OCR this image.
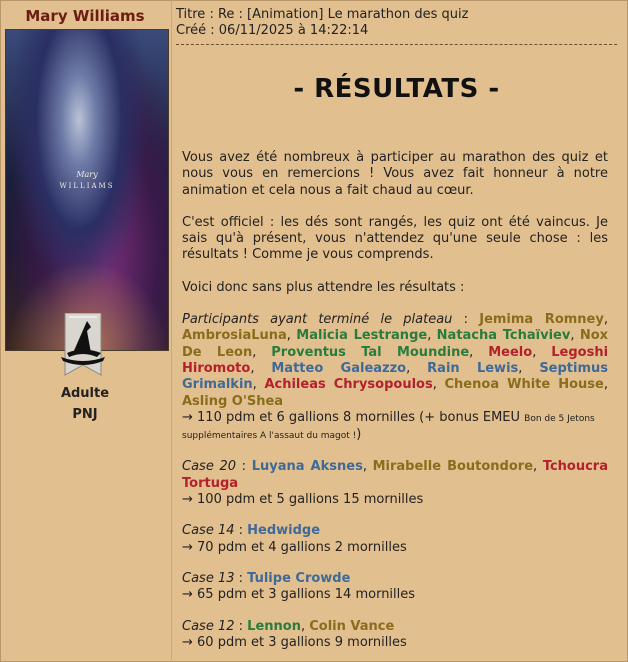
Mary Williams
Mary
WILLIAMS
Adulte
PNJ
Titre : Re : [Animation] Le marathon des quiz
Créé : 06/11/2025 à 14:22:14
- RÉSULTATS -

Vous avez été nombreux à participer au marathon des quiz et nous vous en remercions ! Vous avez fait honneur à notre animation et cela nous a fait chaud au cœur.

C'est officiel : les dés sont rangés, les quiz ont été vaincus. Je sais qu'à présent, vous n'attendez qu'une seule chose : les résultats ! Comme je vous comprends.

Voici donc sans plus attendre les résultats :

Participants ayant terminé le plateau : Jemima Romney, AmbrosiaLuna, Malicia Lestrange, Natacha Tchaïviev, Nox De Leon, Proventus Tal Moundine, Meelo, Legoshi Hiromoto, Matteo Galeazzo, Rain Lewis, Septimus Grimalkin, Achileas Chrysopoulos, Chenoa White House, Asling O'Shea

→ 110 pdm et 6 gallions 8 mornilles (+ bonus EMEU Bon de 5 Jetons supplémentaires A l'assaut du magot !)

Case 20 : Luyana Aksnes, Mirabelle Boutondore, Tchoucra Tortuga

→ 100 pdm et 5 gallions 15 mornilles

Case 14 : Hedwidge

→ 70 pdm et 4 gallions 2 mornilles

Case 13 : Tulipe Crowde

→ 65 pdm et 3 gallions 14 mornilles

Case 12 : Lennon, Colin Vance

→ 60 pdm et 3 gallions 9 mornilles
